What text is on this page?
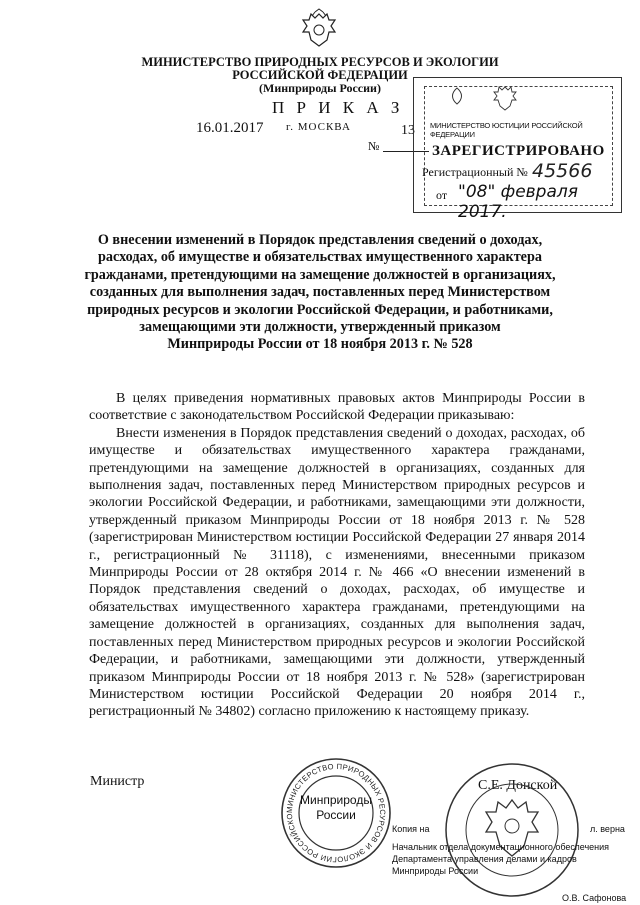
МИНИСТЕРСТВО ПРИРОДНЫХ РЕСУРСОВ И ЭКОЛОГИИ
РОССИЙСКОЙ ФЕДЕРАЦИИ
(Минприроды России)
П Р И К А З
16.01.2017 г. МОСКВА	13
№
МИНИСТЕРСТВО ЮСТИЦИИ РОССИЙСКОЙ ФЕДЕРАЦИИ
ЗАРЕГИСТРИРОВАНО
Регистрационный № 45566
от "08" февраля 2017.
О внесении изменений в Порядок представления сведений о доходах,
расходах, об имуществе и обязательствах имущественного характера
гражданами, претендующими на замещение должностей в организациях,
созданных для выполнения задач, поставленных перед Министерством
природных ресурсов и экологии Российской Федерации, и работниками,
замещающими эти должности, утвержденный приказом
Минприроды России от 18 ноября 2013 г. № 528

В целях приведения нормативных правовых актов Минприроды России в соответствие с законодательством Российской Федерации приказываю:

Внести изменения в Порядок представления сведений о доходах, расходах, об имуществе и обязательствах имущественного характера гражданами, претендующими на замещение должностей в организациях, созданных для выполнения задач, поставленных перед Министерством природных ресурсов и экологии Российской Федерации, и работниками, замещающими эти должности, утвержденный приказом Минприроды России от 18 ноября 2013 г. № 528 (зарегистрирован Министерством юстиции Российской Федерации 27 января 2014 г., регистрационный № 31118), с изменениями, внесенными приказом Минприроды России от 28 октября 2014 г. № 466 «О внесении изменений в Порядок представления сведений о доходах, расходах, об имуществе и обязательствах имущественного характера гражданами, претендующими на замещение должностей в организациях, созданных для выполнения задач, поставленных перед Министерством природных ресурсов и экологии Российской Федерации, и работниками, замещающими эти должности, утвержденный приказом Минприроды России от 18 ноября 2013 г. № 528» (зарегистрирован Министерством юстиции Российской Федерации 20 ноября 2014 г., регистрационный № 34802) согласно приложению к настоящему приказу.

Министр	С.Е. Донской
МИНИСТЕРСТВО ПРИРОДНЫХ РЕСУРСОВ И ЭКОЛОГИИ РОССИЙСКО
Минприроды
России
Копия на	л. верна
Начальник отдела документационного обеспечения
Департамента управления делами и кадров
Минприроды России
О.В. Сафонова
